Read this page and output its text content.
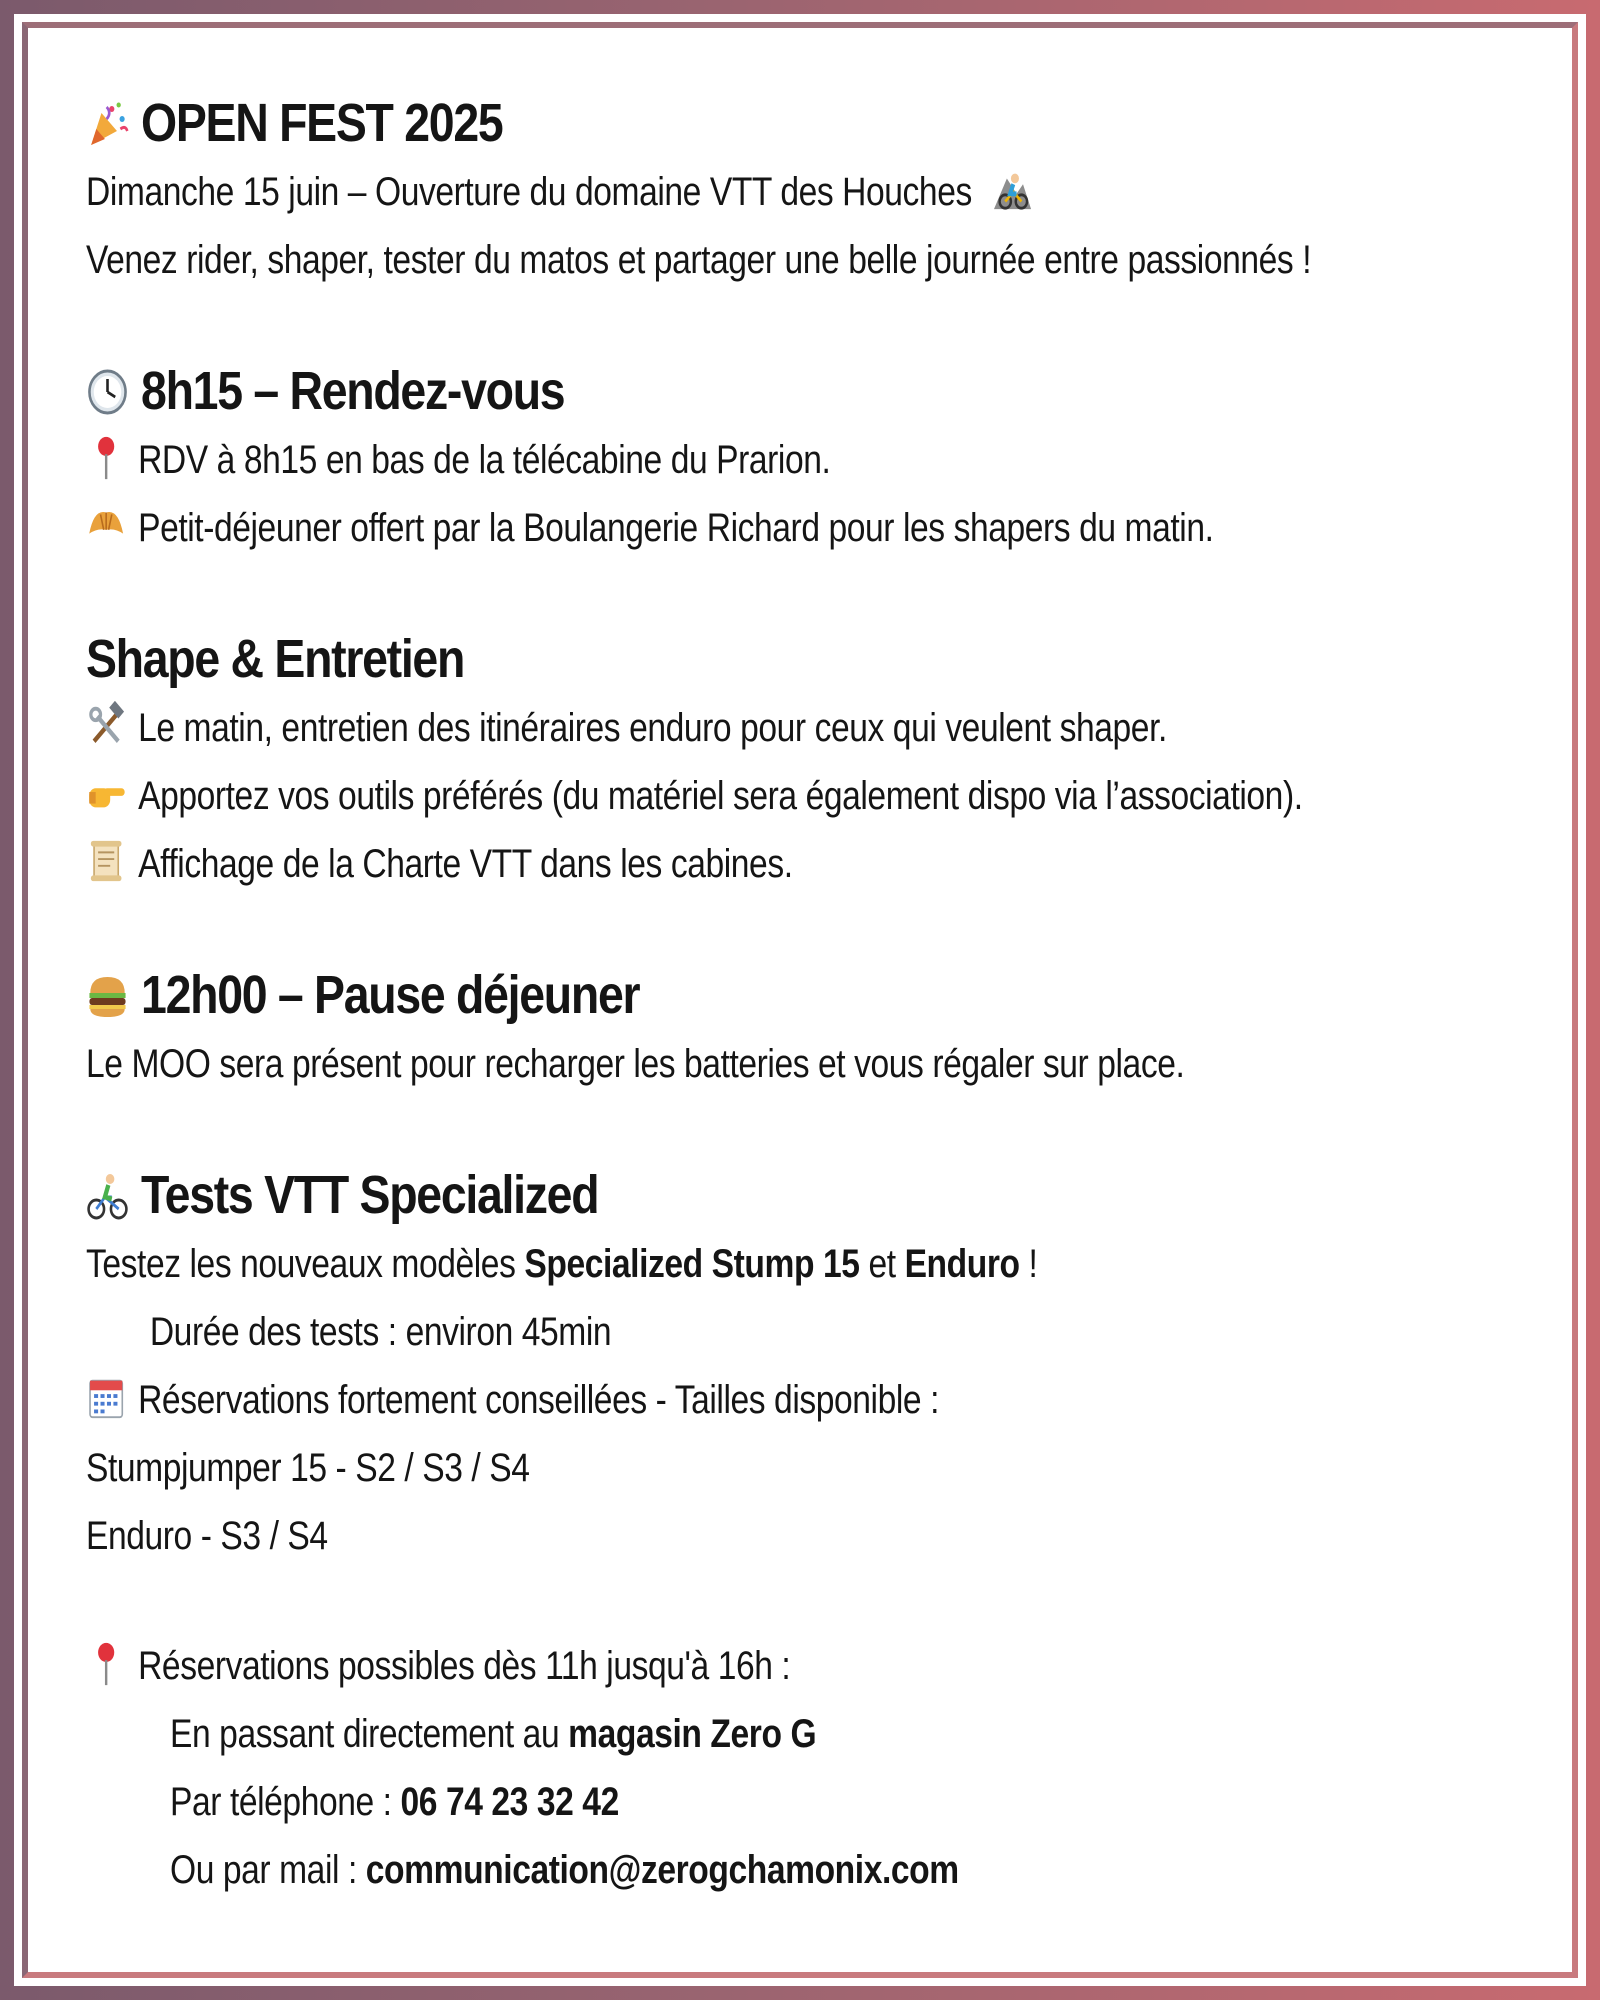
OPEN FEST 2025

Dimanche 15 juin – Ouverture du domaine VTT des Houches

Venez rider, shaper, tester du matos et partager une belle journée entre passionnés !

8h15 – Rendez-vous

RDV à 8h15 en bas de la télécabine du Prarion.

Petit-déjeuner offert par la Boulangerie Richard pour les shapers du matin.

Shape & Entretien

Le matin, entretien des itinéraires enduro pour ceux qui veulent shaper.

Apportez vos outils préférés (du matériel sera également dispo via l’association).

Affichage de la Charte VTT dans les cabines.

12h00 – Pause déjeuner

Le MOO sera présent pour recharger les batteries et vous régaler sur place.

Tests VTT Specialized

Testez les nouveaux modèles Specialized Stump 15 et Enduro !

Durée des tests : environ 45min

Réservations fortement conseillées - Tailles disponible :

Stumpjumper 15 - S2 / S3 / S4

Enduro - S3 / S4

Réservations possibles dès 11h jusqu'à 16h :

En passant directement au magasin Zero G

Par téléphone : 06 74 23 32 42

Ou par mail : communication@zerogchamonix.com
